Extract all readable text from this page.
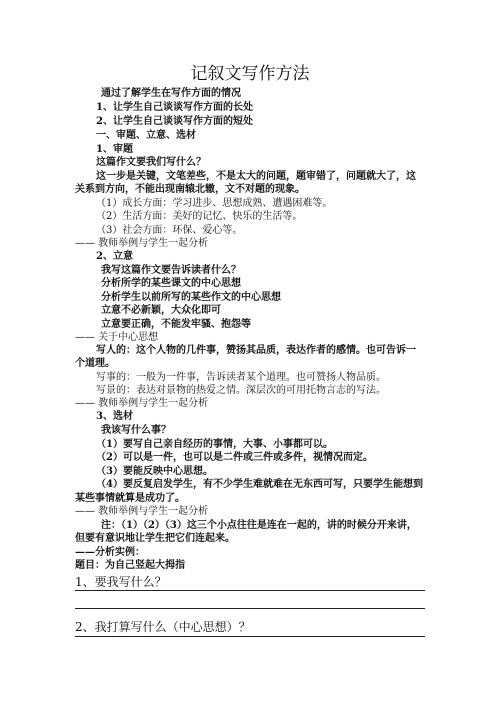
记叙文写作方法
通过了解学生在写作方面的情况
1、让学生自己谈谈写作方面的长处
2、让学生自己谈谈写作方面的短处
一、审题、立意、选材
1、审题
这篇作文要我们写什么？
这一步是关键，文笔差些，不是太大的问题，题审错了，问题就大了，这
关系到方向，不能出现南辕北辙，文不对题的现象。
（1）成长方面：学习进步、思想成熟、遭遇困难等。
（2）生活方面：美好的记忆、快乐的生活等。
（3）社会方面：环保、爱心等。
—— 教师举例与学生一起分析
2、立意
我写这篇作文要告诉读者什么？
分析所学的某些课文的中心思想
分析学生以前所写的某些作文的中心思想
立意不必新颖，大众化即可
立意要正确，不能发牢骚、抱怨等
—— 关于中心思想
写人的：这个人物的几件事，赞扬其品质，表达作者的感情。也可告诉一
个道理。
写事的：一般为一件事，告诉读者某个道理。也可赞扬人物品质。
写景的：表达对景物的热爱之情。深层次的可用托物言志的写法。
—— 教师举例与学生一起分析
3、选材
我该写什么事？
（1）要写自己亲自经历的事情，大事、小事都可以。
（2）可以是一件，也可以是二件或三件或多件，视情况而定。
（3）要能反映中心思想。
（4）要反复启发学生，有不少学生难就难在无东西可写，只要学生能想到
某些事情就算是成功了。
—— 教师举例与学生一起分析
注：（1）（2）（3）这三个小点往往是连在一起的，讲的时候分开来讲，
但要有意识地让学生把它们连起来。
——分析实例：
题目：为自己竖起大拇指
1、要我写什么？
2、我打算写什么（中心思想）？
